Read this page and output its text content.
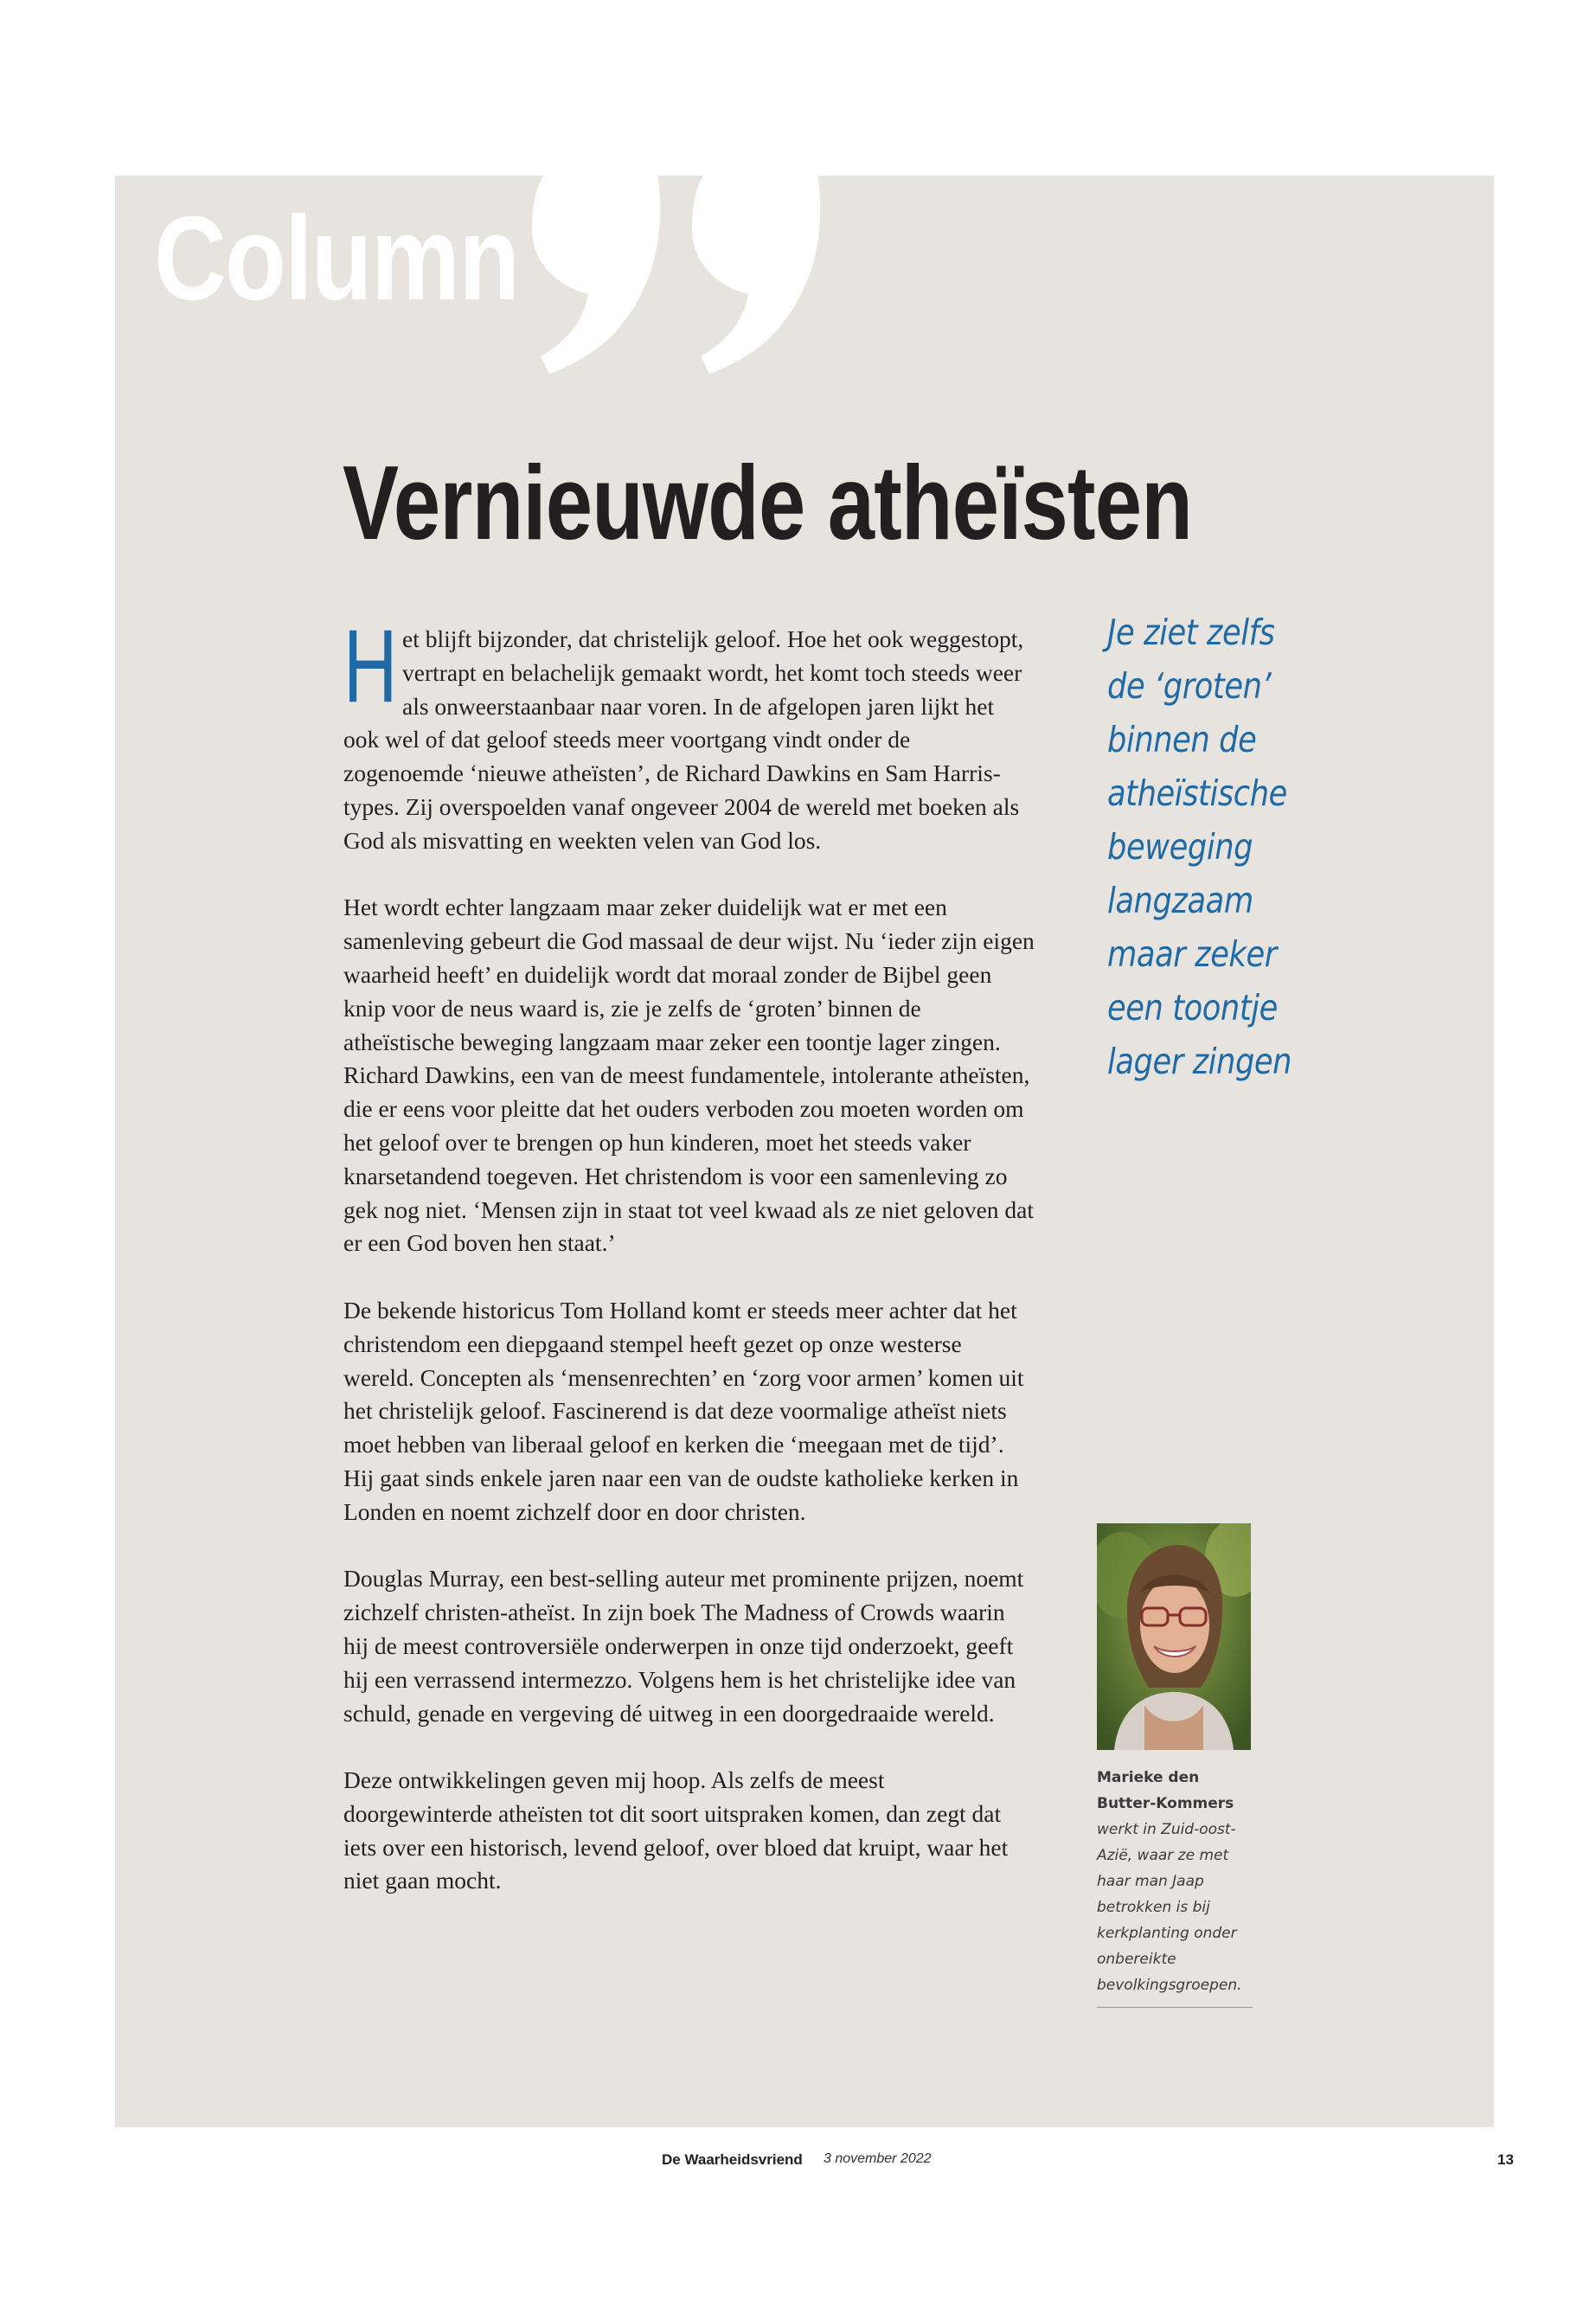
Column
Vernieuwde atheïsten

Het blijft bijzonder, dat christelijk geloof. Hoe het ook weggestopt, vertrapt en belachelijk gemaakt wordt, het komt toch steeds weer als onweerstaanbaar naar voren. In de afgelopen jaren lijkt het ook wel of dat geloof steeds meer voortgang vindt onder de zogenoemde ‘nieuwe atheïsten’, de Richard Dawkins en Sam Harris-types. Zij overspoelden vanaf ongeveer 2004 de wereld met boeken als God als misvatting en weekten velen van God los.

Het wordt echter langzaam maar zeker duidelijk wat er met een samenleving gebeurt die God massaal de deur wijst. Nu ‘ieder zijn eigen waarheid heeft’ en duidelijk wordt dat moraal zonder de Bijbel geen knip voor de neus waard is, zie je zelfs de ‘groten’ binnen de atheïstische beweging langzaam maar zeker een toontje lager zingen. Richard Dawkins, een van de meest fundamentele, intolerante atheïsten, die er eens voor pleitte dat het ouders verboden zou moeten worden om het geloof over te brengen op hun kinderen, moet het steeds vaker knarsetandend toegeven. Het christendom is voor een samenleving zo gek nog niet. ‘Mensen zijn in staat tot veel kwaad als ze niet geloven dat er een God boven hen staat.’

De bekende historicus Tom Holland komt er steeds meer achter dat het christendom een diepgaand stempel heeft gezet op onze westerse wereld. Concepten als ‘mensenrechten’ en ‘zorg voor armen’ komen uit het christelijk geloof. Fascinerend is dat deze voormalige atheïst niets moet hebben van liberaal geloof en kerken die ‘meegaan met de tijd’. Hij gaat sinds enkele jaren naar een van de oudste katholieke kerken in Londen en noemt zichzelf door en door christen.

Douglas Murray, een best-selling auteur met prominente prijzen, noemt zichzelf christen-atheïst. In zijn boek The Madness of Crowds waarin hij de meest controversiële onderwerpen in onze tijd onderzoekt, geeft hij een verrassend intermezzo. Volgens hem is het christelijke idee van schuld, genade en vergeving dé uitweg in een doorgedraaide wereld.

Deze ontwikkelingen geven mij hoop. Als zelfs de meest doorgewinterde atheïsten tot dit soort uitspraken komen, dan zegt dat iets over een historisch, levend geloof, over bloed dat kruipt, waar het niet gaan mocht.

Je ziet zelfs de ‘groten’ binnen de atheïstische beweging langzaam maar zeker een toontje lager zingen
Marieke den Butter-Kommers
werkt in Zuid-oost-Azië, waar ze met haar man Jaap betrokken is bij kerkplanting onder onbereikte bevolkingsgroepen.
De Waarheidsvriend 3 november 2022	13
